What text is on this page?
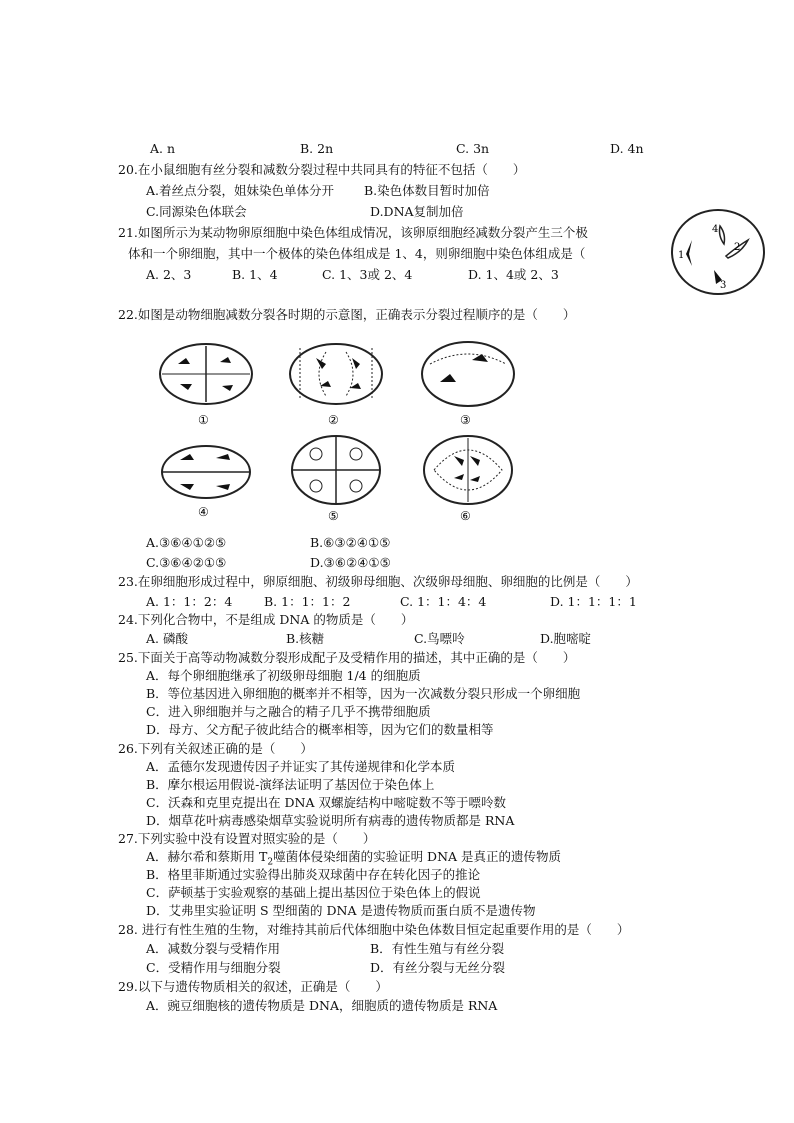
A. n	B. 2n	C. 3n	D. 4n
20.在小鼠细胞有丝分裂和减数分裂过程中共同具有的特征不包括（　　）
A.着丝点分裂，姐妹染色单体分开 B.染色体数目暂时加倍
C.同源染色体联会	D.DNA复制加倍
21.如图所示为某动物卵原细胞中染色体组成情况，该卵原细胞经减数分裂产生三个极
体和一个卵细胞，其中一个极体的染色体组成是 1、4，则卵细胞中染色体组成是（
A. 2、3	B. 1、4	C. 1、3或 2、4	D. 1、4或 2、3
1
2
3
4
22.如图是动物细胞减数分裂各时期的示意图，正确表示分裂过程顺序的是（　　）
①	②	③
④	⑤	⑥
A.③⑥④①②⑤	B.⑥③②④①⑤
C.③⑥④②①⑤	D.③⑥②④①⑤
23.在卵细胞形成过程中，卵原细胞、初级卵母细胞、次级卵母细胞、卵细胞的比例是（　　）
A. 1：1：2：4	B. 1：1：1：2	C. 1：1：4：4	D. 1：1：1：1
24.下列化合物中，不是组成 DNA 的物质是（　　）
A. 磷酸	B.核糖	C.鸟嘌呤	D.胞嘧啶
25.下面关于高等动物减数分裂形成配子及受精作用的描述，其中正确的是（　　）
A．每个卵细胞继承了初级卵母细胞 1/4 的细胞质
B．等位基因进入卵细胞的概率并不相等，因为一次减数分裂只形成一个卵细胞
C．进入卵细胞并与之融合的精子几乎不携带细胞质
D．母方、父方配子彼此结合的概率相等，因为它们的数量相等
26.下列有关叙述正确的是（　　）
A．孟德尔发现遗传因子并证实了其传递规律和化学本质
B．摩尔根运用假说-演绎法证明了基因位于染色体上
C．沃森和克里克提出在 DNA 双螺旋结构中嘧啶数不等于嘌呤数
D．烟草花叶病毒感染烟草实验说明所有病毒的遗传物质都是 RNA
27.下列实验中没有设置对照实验的是（　　）
A．赫尔希和蔡斯用 $T_2$噬菌体侵染细菌的实验证明 DNA 是真正的遗传物质
B．格里菲斯通过实验得出肺炎双球菌中存在转化因子的推论
C．萨顿基于实验观察的基础上提出基因位于染色体上的假说
D．艾弗里实验证明 S 型细菌的 DNA 是遗传物质而蛋白质不是遗传物
28. 进行有性生殖的生物，对维持其前后代体细胞中染色体数目恒定起重要作用的是（　　）
A．减数分裂与受精作用	B．有性生殖与有丝分裂
C．受精作用与细胞分裂	D．有丝分裂与无丝分裂
29.以下与遗传物质相关的叙述，正确是（　　）
A．豌豆细胞核的遗传物质是 DNA，细胞质的遗传物质是 RNA
